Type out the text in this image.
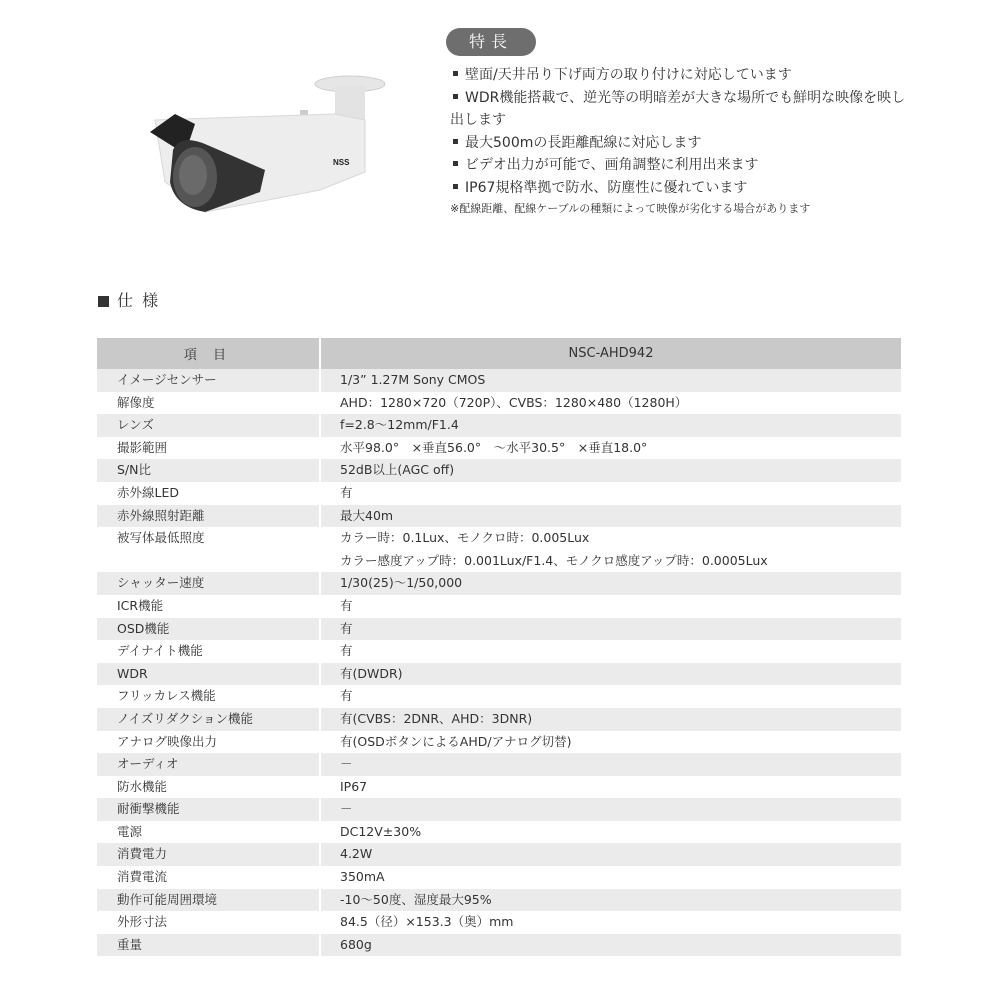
NSS
特長

壁面/天井吊り下げ両方の取り付けに対応しています

WDR機能搭載で、逆光等の明暗差が大きな場所でも鮮明な映像を映し出します

最大500mの長距離配線に対応します

ビデオ出力が可能で、画角調整に利用出来ます

IP67規格準拠で防水、防塵性に優れています

※配線距離、配線ケーブルの種類によって映像が劣化する場合があります
仕 様
項 目	NSC-AHD942

イメージセンサー	1/3” 1.27M Sony CMOS

解像度	AHD：1280×720（720P）、CVBS：1280×480（1280H）

レンズ	f=2.8～12mm/F1.4

撮影範囲	水平98.0°　×垂直56.0°　～水平30.5°　×垂直18.0°

S/N比	52dB以上(AGC off)

赤外線LED	有

赤外線照射距離	最大40m

被写体最低照度	カラー時：0.1Lux、モノクロ時：0.005Lux
カラー感度アップ時：0.001Lux/F1.4、モノクロ感度アップ時：0.0005Lux

シャッター速度	1/30(25)～1/50,000

ICR機能	有

OSD機能	有

デイナイト機能	有

WDR	有(DWDR)

フリッカレス機能	有

ノイズリダクション機能	有(CVBS：2DNR、AHD：3DNR)

アナログ映像出力	有(OSDボタンによるAHD/アナログ切替)

オーディオ	－

防水機能	IP67

耐衝撃機能	－

電源	DC12V±30%

消費電力	4.2W

消費電流	350mA

動作可能周囲環境	-10～50度、湿度最大95%

外形寸法	84.5（径）×153.3（奥）mm

重量	680g
